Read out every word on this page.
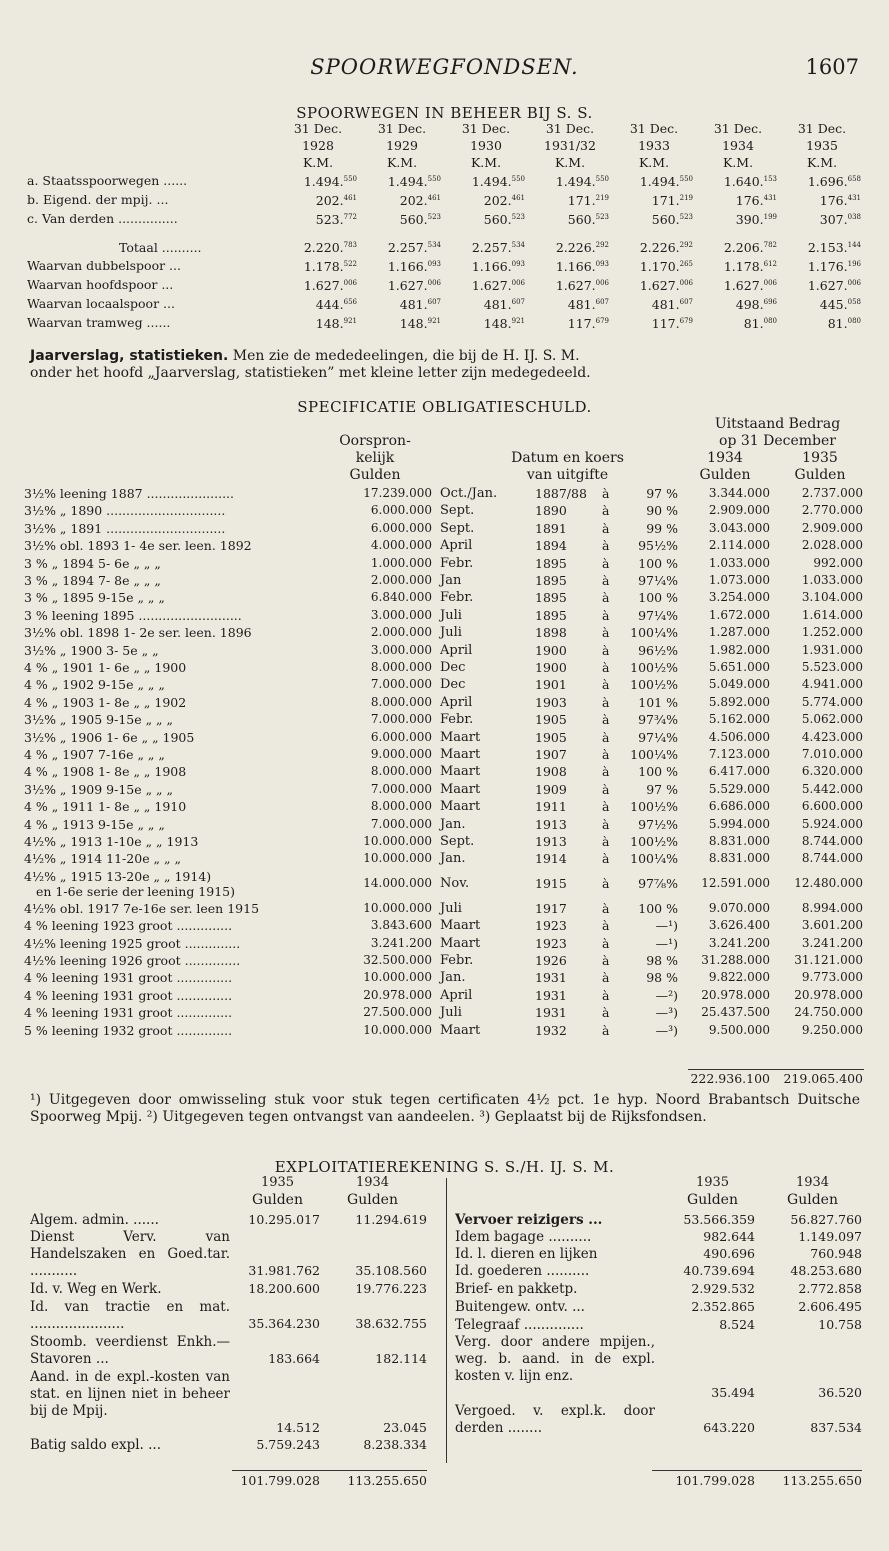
SPOORWEGFONDSEN.	1607
SPOORWEGEN IN BEHEER BIJ S. S.
	31 Dec.	31 Dec.	31 Dec.	31 Dec.	31 Dec.	31 Dec.	31 Dec.
	1928	1929	1930	1931/32	1933	1934	1935
	K.M.	K.M.	K.M.	K.M.	K.M.	K.M.	K.M.
a. Staatsspoorwegen ......	1.494.$^{550}$	1.494.$^{550}$	1.494.$^{550}$	1.494.$^{550}$	1.494.$^{550}$	1.640.$^{153}$	1.696.$^{658}$
b. Eigend. der mpij. ...	202.$^{461}$	202.$^{461}$	202.$^{461}$	171.$^{219}$	171.$^{219}$	176.$^{431}$	176.$^{431}$
c. Van derden ...............	523.$^{772}$	560.$^{523}$	560.$^{523}$	560.$^{523}$	560.$^{523}$	390.$^{199}$	307.$^{038}$
Totaal ..........	2.220.$^{783}$	2.257.$^{534}$	2.257.$^{534}$	2.226.$^{292}$	2.226.$^{292}$	2.206.$^{782}$	2.153.$^{144}$
Waarvan dubbelspoor ...	1.178.$^{522}$	1.166.$^{093}$	1.166.$^{093}$	1.166.$^{093}$	1.170.$^{265}$	1.178.$^{612}$	1.176.$^{196}$
Waarvan hoofdspoor ...	1.627.$^{006}$	1.627.$^{006}$	1.627.$^{006}$	1.627.$^{006}$	1.627.$^{006}$	1.627.$^{006}$	1.627.$^{006}$
Waarvan locaalspoor ...	444.$^{656}$	481.$^{607}$	481.$^{607}$	481.$^{607}$	481.$^{607}$	498.$^{696}$	445.$^{058}$
Waarvan tramweg ......	148.$^{921}$	148.$^{921}$	148.$^{921}$	117.$^{679}$	117.$^{679}$	81.$^{080}$	81.$^{080}$
Jaarverslag, statistieken. Men zie de mededeelingen, die bij de H. IJ. S. M.
onder het hoofd „Jaarverslag, statistieken” met kleine letter zijn medegedeeld.
SPECIFICATIE OBLIGATIESCHULD.
Uitstaand Bedrag
op 31 December
Oorspron-
kelijk
Gulden
Datum en koers
van uitgifte
1934	1935
Gulden	Gulden
3½% leening 1887 ......................	17.239.000 Oct./Jan.	1887/88 à	97 %	3.344.000	2.737.000
3½% „ 1890 ..............................	6.000.000 Sept.	1890	à	90 %	2.909.000	2.770.000
3½% „ 1891 ..............................	6.000.000 Sept.	1891	à	99 %	3.043.000	2.909.000
3½% obl. 1893 1- 4e ser. leen. 1892	4.000.000 April	1894	à	95½%	2.114.000	2.028.000
3 % „ 1894 5- 6e „ „ „	1.000.000 Febr.	1895	à	100 %	1.033.000	992.000
3 % „ 1894 7- 8e „ „ „	2.000.000 Jan	1895	à	97¼%	1.073.000	1.033.000
3 % „ 1895 9-15e „ „ „	6.840.000 Febr.	1895	à	100 %	3.254.000	3.104.000
3 % leening 1895 ..........................	3.000.000 Juli	1895	à	97¼%	1.672.000	1.614.000
3½% obl. 1898 1- 2e ser. leen. 1896	2.000.000 Juli	1898	à	100¼%	1.287.000	1.252.000
3½% „ 1900 3- 5e „ „	3.000.000 April	1900	à	96½%	1.982.000	1.931.000
4 % „ 1901 1- 6e „ „ 1900	8.000.000 Dec	1900	à	100½%	5.651.000	5.523.000
4 % „ 1902 9-15e „ „ „	7.000.000 Dec	1901	à	100½%	5.049.000	4.941.000
4 % „ 1903 1- 8e „ „ 1902	8.000.000 April	1903	à	101 %	5.892.000	5.774.000
3½% „ 1905 9-15e „ „ „	7.000.000 Febr.	1905	à	97¾%	5.162.000	5.062.000
3½% „ 1906 1- 6e „ „ 1905	6.000.000 Maart	1905	à	97¼%	4.506.000	4.423.000
4 % „ 1907 7-16e „ „ „	9.000.000 Maart	1907	à	100¼%	7.123.000	7.010.000
4 % „ 1908 1- 8e „ „ 1908	8.000.000 Maart	1908	à	100 %	6.417.000	6.320.000
3½% „ 1909 9-15e „ „ „	7.000.000 Maart	1909	à	97 %	5.529.000	5.442.000
4 % „ 1911 1- 8e „ „ 1910	8.000.000 Maart	1911	à	100½%	6.686.000	6.600.000
4 % „ 1913 9-15e „ „ „	7.000.000 Jan.	1913	à	97½%	5.994.000	5.924.000
4½% „ 1913 1-10e „ „ 1913	10.000.000 Sept.	1913	à	100½%	8.831.000	8.744.000
4½% „ 1914 11-20e „ „ „	10.000.000 Jan.	1914	à	100¼%	8.831.000	8.744.000
4½% „ 1915 13-20e „ „ 1914)
en 1-6e serie der leening 1915)
14.000.000 Nov.	1915	à	97⅞%	12.591.000	12.480.000
4½% obl. 1917 7e-16e ser. leen 1915	10.000.000 Juli	1917	à	100 %	9.070.000	8.994.000
4 % leening 1923 groot ..............	3.843.600 Maart	1923	à	—¹)	3.626.400	3.601.200
4½% leening 1925 groot ..............	3.241.200 Maart	1923	à	—¹)	3.241.200	3.241.200
4½% leening 1926 groot ..............	32.500.000 Febr.	1926	à	98 %	31.288.000	31.121.000
4 % leening 1931 groot ..............	10.000.000 Jan.	1931	à	98 %	9.822.000	9.773.000
4 % leening 1931 groot ..............	20.978.000 April	1931	à	—²)	20.978.000	20.978.000
4 % leening 1931 groot ..............	27.500.000 Juli	1931	à	—³)	25.437.500	24.750.000
5 % leening 1932 groot ..............	10.000.000 Maart	1932	à	—³)	9.500.000	9.250.000
222.936.100	219.065.400
¹) Uitgegeven door omwisseling stuk voor stuk tegen certificaten 4½ pct. 1e hyp. Noord Brabantsch Duitsche Spoorweg Mpij. ²) Uitgegeven tegen ontvangst van aandeelen. ³) Geplaatst bij de Rijksfondsen.
EXPLOITATIEREKENING S. S./H. IJ. S. M.
1935	1934
Gulden	Gulden
1935	1934
Gulden	Gulden
Algem. admin. ......	10.295.017	11.294.619
Dienst Verv. van Handelszaken en Goed.tar. ...........	31.981.762	35.108.560
Id. v. Weg en Werk.	18.200.600	19.776.223
Id. van tractie en mat. ......................	35.364.230	38.632.755
Stoomb. veerdienst Enkh.—Stavoren ...	183.664	182.114
Aand. in de expl.-kosten van stat. en lijnen niet in beheer bij de Mpij.
14.512	23.045
Batig saldo expl. ...	5.759.243	8.238.334
Vervoer reizigers ...	53.566.359	56.827.760
Idem bagage ..........	982.644	1.149.097
Id. l. dieren en lijken	490.696	760.948
Id. goederen ..........	40.739.694	48.253.680
Brief- en pakketp.	2.929.532	2.772.858
Buitengew. ontv. ...	2.352.865	2.606.495
Telegraaf ..............	8.524	10.758
Verg. door andere mpijen., weg. b. aand. in de expl. kosten v. lijn enz.
35.494	36.520
Vergoed. v. expl.k. door derden ........	643.220	837.534
101.799.028	113.255.650	101.799.028	113.255.650
